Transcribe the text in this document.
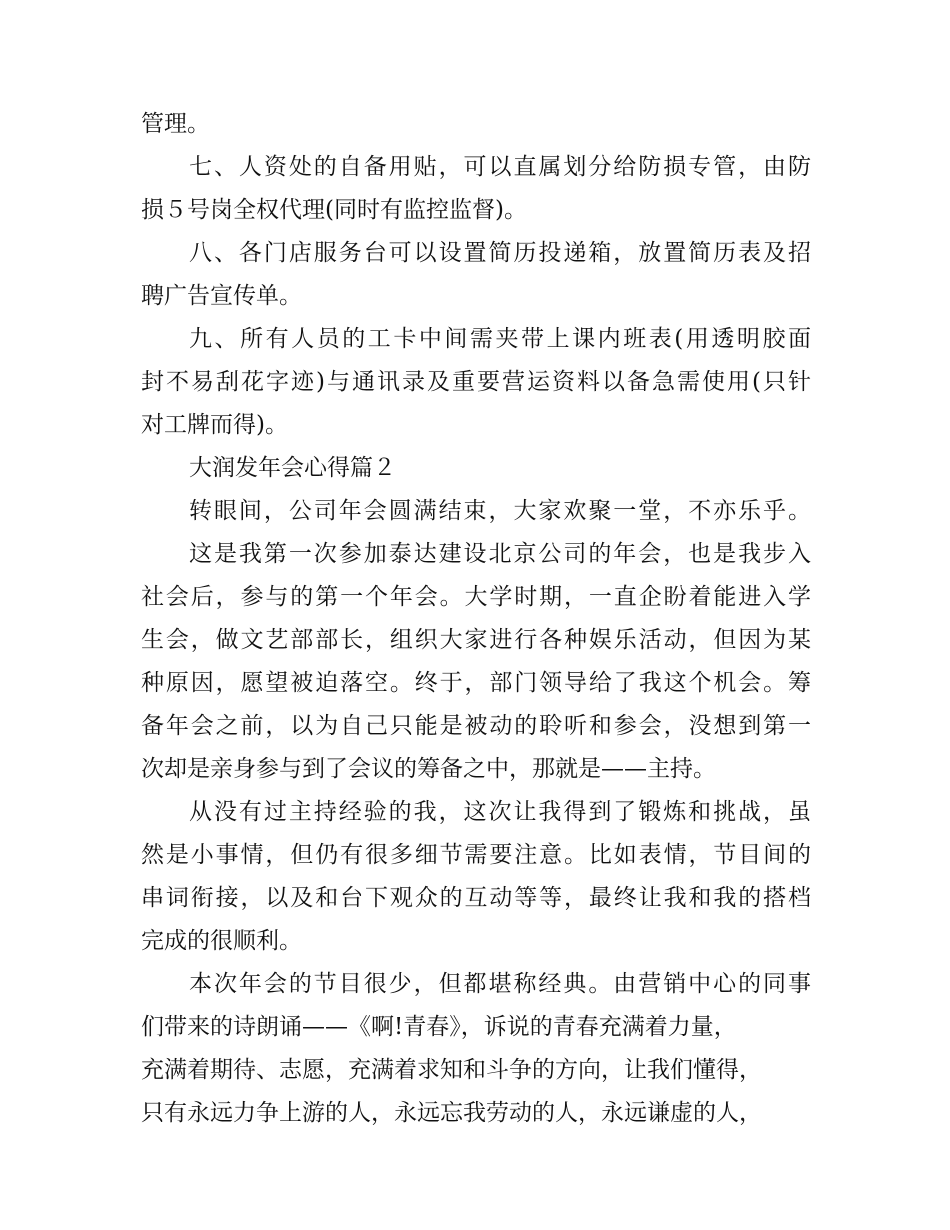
管理。
七、人资处的自备用贴，可以直属划分给防损专管，由防
损５号岗全权代理(同时有监控监督)。
八、各门店服务台可以设置简历投递箱，放置简历表及招
聘广告宣传单。
九、所有人员的工卡中间需夹带上课内班表(用透明胶面
封不易刮花字迹)与通讯录及重要营运资料以备急需使用(只针
对工牌而得)。
大润发年会心得篇２
转眼间，公司年会圆满结束，大家欢聚一堂，不亦乐乎。
这是我第一次参加泰达建设北京公司的年会，也是我步入
社会后，参与的第一个年会。大学时期，一直企盼着能进入学
生会，做文艺部部长，组织大家进行各种娱乐活动，但因为某
种原因，愿望被迫落空。终于，部门领导给了我这个机会。筹
备年会之前，以为自己只能是被动的聆听和参会，没想到第一
次却是亲身参与到了会议的筹备之中，那就是——主持。
从没有过主持经验的我，这次让我得到了锻炼和挑战，虽
然是小事情，但仍有很多细节需要注意。比如表情，节目间的
串词衔接，以及和台下观众的互动等等，最终让我和我的搭档
完成的很顺利。
本次年会的节目很少，但都堪称经典。由营销中心的同事
们带来的诗朗诵——《啊!青春》，诉说的青春充满着力量，
充满着期待、志愿，充满着求知和斗争的方向，让我们懂得，
只有永远力争上游的人，永远忘我劳动的人，永远谦虚的人，
